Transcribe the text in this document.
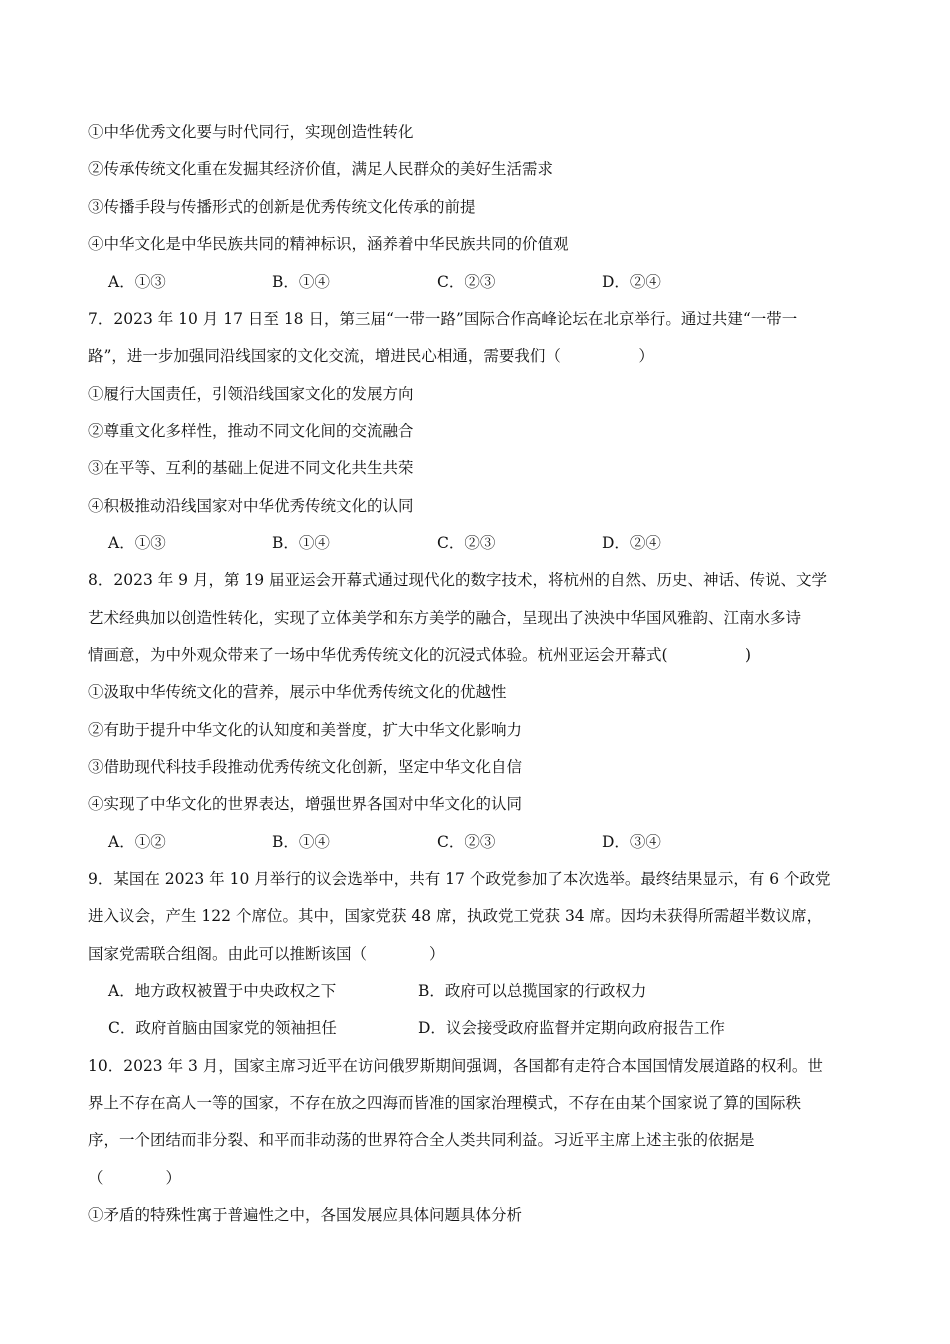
①中华优秀文化要与时代同行，实现创造性转化
②传承传统文化重在发掘其经济价值，满足人民群众的美好生活需求
③传播手段与传播形式的创新是优秀传统文化传承的前提
④中华文化是中华民族共同的精神标识，涵养着中华民族共同的价值观
A．①③	B．①④	C．②③	D．②④
7．2023 年 10 月 17 日至 18 日，第三届“一带一路”国际合作高峰论坛在北京举行。通过共建“一带一
路”，进一步加强同沿线国家的文化交流，增进民心相通，需要我们（　　　　　）
①履行大国责任，引领沿线国家文化的发展方向
②尊重文化多样性，推动不同文化间的交流融合
③在平等、互利的基础上促进不同文化共生共荣
④积极推动沿线国家对中华优秀传统文化的认同
A．①③	B．①④	C．②③	D．②④
8．2023 年 9 月，第 19 届亚运会开幕式通过现代化的数字技术，将杭州的自然、历史、神话、传说、文学
艺术经典加以创造性转化，实现了立体美学和东方美学的融合，呈现出了泱泱中华国风雅韵、江南水多诗
情画意，为中外观众带来了一场中华优秀传统文化的沉浸式体验。杭州亚运会开幕式(　　　　　)
①汲取中华传统文化的营养，展示中华优秀传统文化的优越性
②有助于提升中华文化的认知度和美誉度，扩大中华文化影响力
③借助现代科技手段推动优秀传统文化创新，坚定中华文化自信
④实现了中华文化的世界表达，增强世界各国对中华文化的认同
A．①②	B．①④	C．②③	D．③④
9．某国在 2023 年 10 月举行的议会选举中，共有 17 个政党参加了本次选举。最终结果显示，有 6 个政党
进入议会，产生 122 个席位。其中，国家党获 48 席，执政党工党获 34 席。因均未获得所需超半数议席，
国家党需联合组阁。由此可以推断该国（　　　　）
A．地方政权被置于中央政权之下	B．政府可以总揽国家的行政权力
C．政府首脑由国家党的领袖担任	D．议会接受政府监督并定期向政府报告工作
10．2023 年 3 月，国家主席习近平在访问俄罗斯期间强调，各国都有走符合本国国情发展道路的权利。世
界上不存在高人一等的国家，不存在放之四海而皆准的国家治理模式，不存在由某个国家说了算的国际秩
序，一个团结而非分裂、和平而非动荡的世界符合全人类共同利益。习近平主席上述主张的依据是
（　　　　）
①矛盾的特殊性寓于普遍性之中，各国发展应具体问题具体分析
